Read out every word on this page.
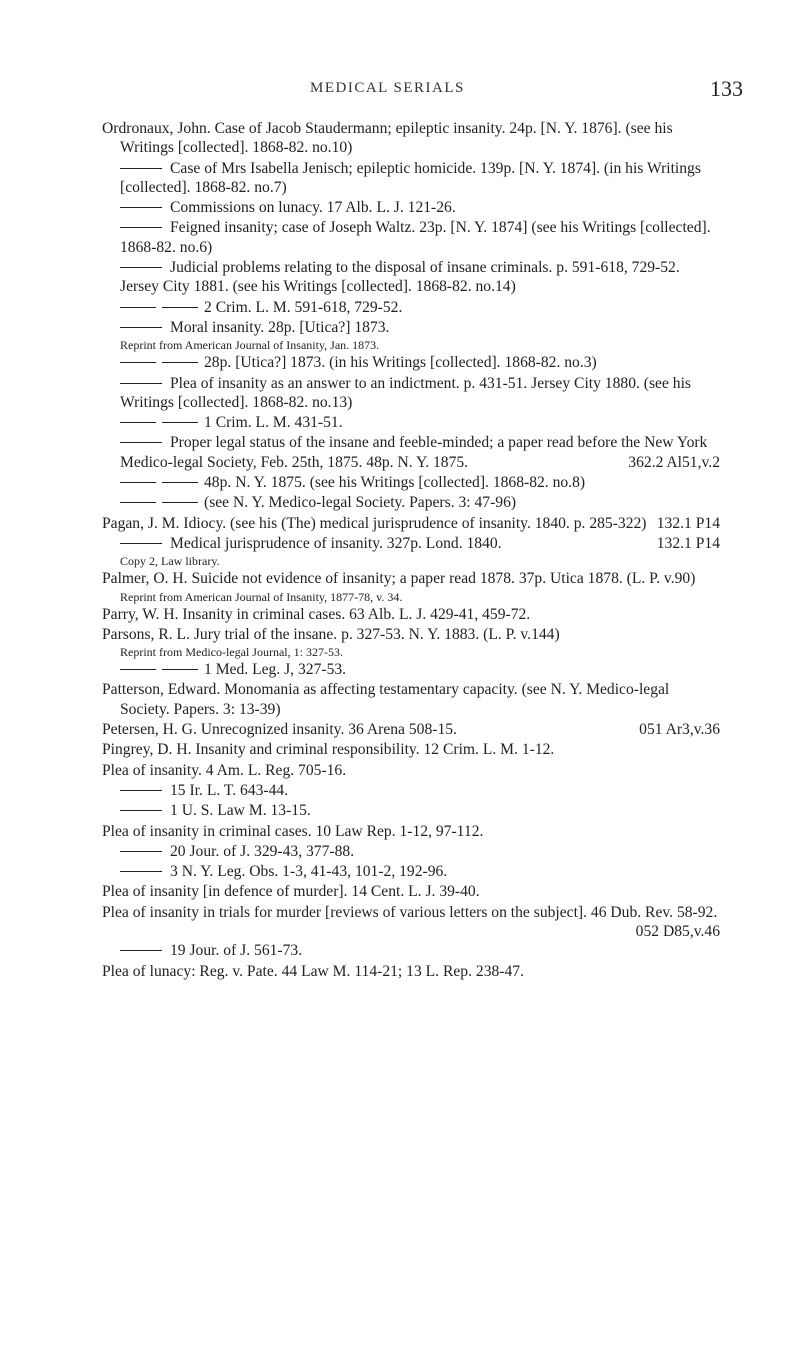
MEDICAL SERIALS	133

Ordronaux, John. Case of Jacob Staudermann; epileptic insanity. 24p. [N. Y. 1876]. (see his Writings [collected]. 1868-82. no.10)

Case of Mrs Isabella Jenisch; epileptic homicide. 139p. [N. Y. 1874]. (in his Writings [collected]. 1868-82. no.7)

Commissions on lunacy. 17 Alb. L. J. 121-26.

Feigned insanity; case of Joseph Waltz. 23p. [N. Y. 1874] (see his Writings [collected]. 1868-82. no.6)

Judicial problems relating to the disposal of insane criminals. p. 591-618, 729-52. Jersey City 1881. (see his Writings [collected]. 1868-82. no.14)

2 Crim. L. M. 591-618, 729-52.

Moral insanity. 28p. [Utica?] 1873.

Reprint from American Journal of Insanity, Jan. 1873.

28p. [Utica?] 1873. (in his Writings [collected]. 1868-82. no.3)

Plea of insanity as an answer to an indictment. p. 431-51. Jersey City 1880. (see his Writings [collected]. 1868-82. no.13)

1 Crim. L. M. 431-51.

Proper legal status of the insane and feeble-minded; a paper read before the New York Medico-legal Society, Feb. 25th, 1875. 48p. N. Y. 1875.	362.2 Al51,v.2

48p. N. Y. 1875. (see his Writings [collected]. 1868-82. no.8)

(see N. Y. Medico-legal Society. Papers. 3: 47-96)

Pagan, J. M. Idiocy. (see his (The) medical jurisprudence of insanity. 1840. p. 285-322) 132.1 P14

Medical jurisprudence of insanity. 327p. Lond. 1840.	132.1 P14

Copy 2, Law library.

Palmer, O. H. Suicide not evidence of insanity; a paper read 1878. 37p. Utica 1878. (L. P. v.90)

Reprint from American Journal of Insanity, 1877-78, v. 34.

Parry, W. H. Insanity in criminal cases. 63 Alb. L. J. 429-41, 459-72.

Parsons, R. L. Jury trial of the insane. p. 327-53. N. Y. 1883. (L. P. v.144)

Reprint from Medico-legal Journal, 1: 327-53.

1 Med. Leg. J, 327-53.

Patterson, Edward. Monomania as affecting testamentary capacity. (see N. Y. Medico-legal Society. Papers. 3: 13-39)

Petersen, H. G. Unrecognized insanity. 36 Arena 508-15.	051 Ar3,v.36

Pingrey, D. H. Insanity and criminal responsibility. 12 Crim. L. M. 1-12.

Plea of insanity. 4 Am. L. Reg. 705-16.

15 Ir. L. T. 643-44.

1 U. S. Law M. 13-15.

Plea of insanity in criminal cases. 10 Law Rep. 1-12, 97-112.

20 Jour. of J. 329-43, 377-88.

3 N. Y. Leg. Obs. 1-3, 41-43, 101-2, 192-96.

Plea of insanity [in defence of murder]. 14 Cent. L. J. 39-40.

Plea of insanity in trials for murder [reviews of various letters on the subject]. 46 Dub. Rev. 58-92.
052 D85,v.46

19 Jour. of J. 561-73.

Plea of lunacy: Reg. v. Pate. 44 Law M. 114-21; 13 L. Rep. 238-47.
